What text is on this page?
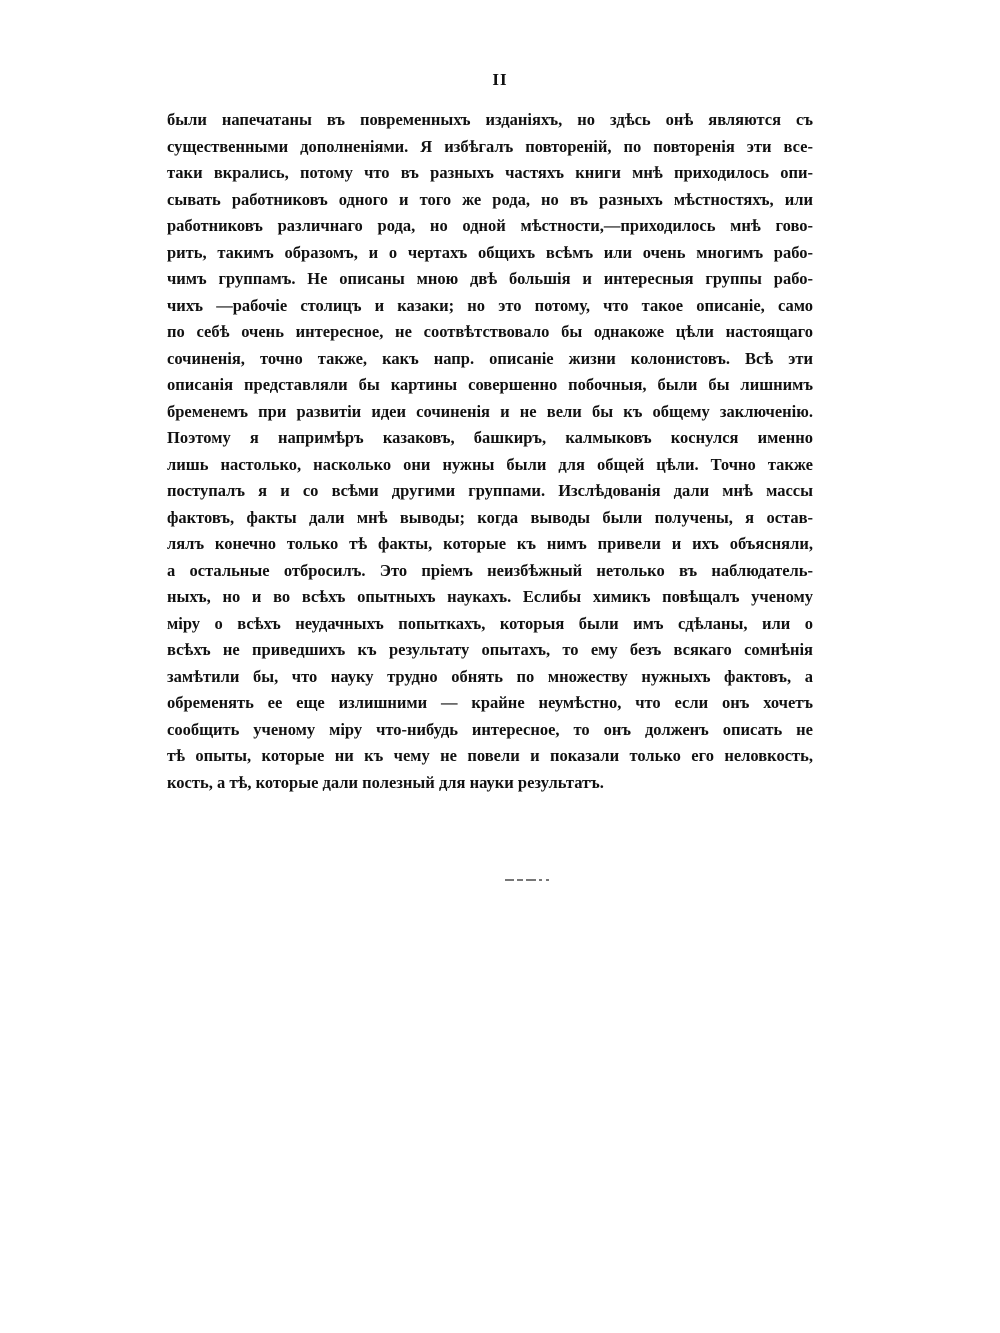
II
были напечатаны въ повременныхъ изданіяхъ, но здѣсь онѣ являются съ
существенными дополненіями. Я избѣгалъ повтореній, по повторенія эти все-
таки вкрались, потому что въ разныхъ частяхъ книги мнѣ приходилось опи-
сывать работниковъ одного и того же рода, но въ разныхъ мѣстностяхъ, или
работниковъ различнаго рода, но одной мѣстности,—приходилось мнѣ гово-
рить, такимъ образомъ, и о чертахъ общихъ всѣмъ или очень многимъ рабо-
чимъ группамъ. Не описаны мною двѣ большія и интересныя группы рабо-
чихъ —рабочіе столицъ и казаки; но это потому, что такое описаніе, само
по себѣ очень интересное, не соотвѣтствовало бы однакоже цѣли настоящаго
сочиненія, точно также, какъ напр. описаніе жизни колонистовъ. Всѣ эти
описанія представляли бы картины совершенно побочныя, были бы лишнимъ
бременемъ при развитіи идеи сочиненія и не вели бы къ общему заключенію.
Поэтому я напримѣръ казаковъ, башкиръ, калмыковъ коснулся именно
лишь настолько, насколько они нужны были для общей цѣли. Точно также
поступалъ я и со всѣми другими группами. Изслѣдованія дали мнѣ массы
фактовъ, факты дали мнѣ выводы; когда выводы были получены, я остав-
лялъ конечно только тѣ факты, которые къ нимъ привели и ихъ объясняли,
а остальные отбросилъ. Это пріемъ неизбѣжный нетолько въ наблюдатель-
ныхъ, но и во всѣхъ опытныхъ наукахъ. Еслибы химикъ повѣщалъ ученому
міру о всѣхъ неудачныхъ попыткахъ, которыя были имъ сдѣланы, или о
всѣхъ не приведшихъ къ результату опытахъ, то ему безъ всякаго сомнѣнія
замѣтили бы, что науку трудно обнять по множеству нужныхъ фактовъ, а
обременять ее еще излишними — крайне неумѣстно, что если онъ хочетъ
сообщить ученому міру что-нибудь интересное, то онъ долженъ описать не
тѣ опыты, которые ни къ чему не повели и показали только его неловкость,
кость, а тѣ, которые дали полезный для науки результатъ.
